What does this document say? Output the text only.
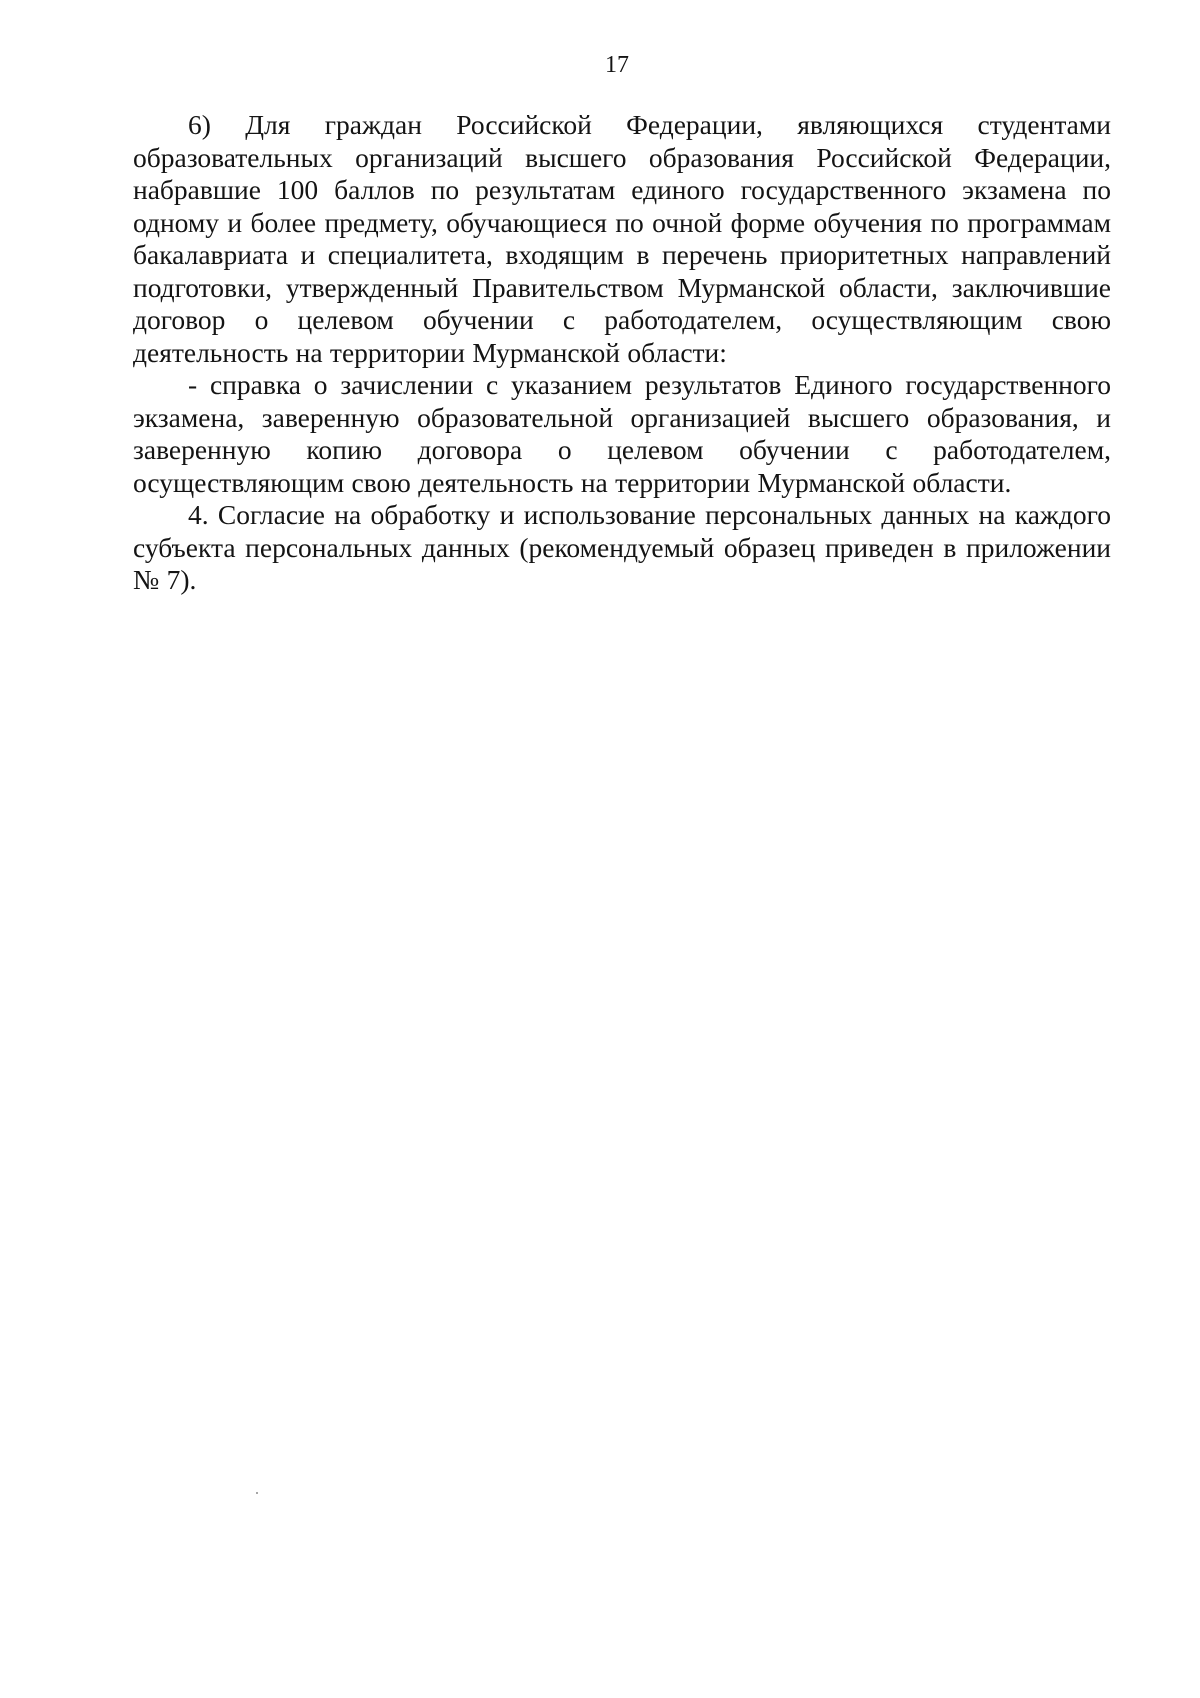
17

6) Для граждан Российской Федерации, являющихся студентами образовательных организаций высшего образования Российской Федерации, набравшие 100 баллов по результатам единого государственного экзамена по одному и более предмету, обучающиеся по очной форме обучения по программам бакалавриата и специалитета, входящим в перечень приоритетных направлений подготовки, утвержденный Правительством Мурманской области, заключившие договор о целевом обучении с работодателем, осуществляющим свою деятельность на территории Мурманской области:

- справка о зачислении с указанием результатов Единого государственного экзамена, заверенную образовательной организацией высшего образования, и заверенную копию договора о целевом обучении с работодателем, осуществляющим свою деятельность на территории Мурманской области.

4. Согласие на обработку и использование персональных данных на каждого субъекта персональных данных (рекомендуемый образец приведен в приложении № 7).
